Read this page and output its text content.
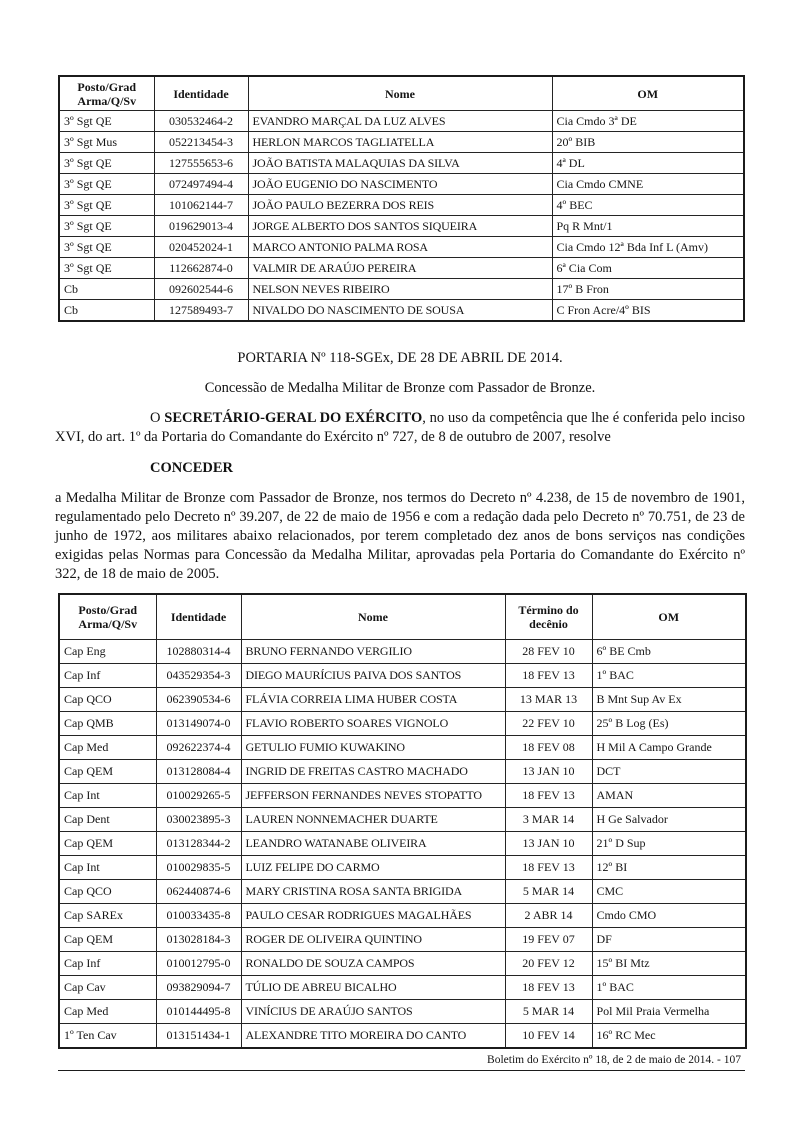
Posto/Grad
Arma/Q/Sv	Identidade	Nome	OM
3º Sgt QE	030532464-2	EVANDRO MARÇAL DA LUZ ALVES	Cia Cmdo 3ª DE
3º Sgt Mus	052213454-3	HERLON MARCOS TAGLIATELLA	20º BIB
3º Sgt QE	127555653-6	JOÃO BATISTA MALAQUIAS DA SILVA	4ª DL
3º Sgt QE	072497494-4	JOÃO EUGENIO DO NASCIMENTO	Cia Cmdo CMNE
3º Sgt QE	101062144-7	JOÃO PAULO BEZERRA DOS REIS	4º BEC
3º Sgt QE	019629013-4	JORGE ALBERTO DOS SANTOS SIQUEIRA	Pq R Mnt/1
3º Sgt QE	020452024-1	MARCO ANTONIO PALMA ROSA	Cia Cmdo 12ª Bda Inf L (Amv)
3º Sgt QE	112662874-0	VALMIR DE ARAÚJO PEREIRA	6ª Cia Com
Cb	092602544-6	NELSON NEVES RIBEIRO	17º B Fron
Cb	127589493-7	NIVALDO DO NASCIMENTO DE SOUSA	C Fron Acre/4º BIS

PORTARIA Nº 118-SGEx, DE 28 DE ABRIL DE 2014.

Concessão de Medalha Militar de Bronze com Passador de Bronze.

O SECRETÁRIO-GERAL DO EXÉRCITO, no uso da competência que lhe é conferida pelo inciso XVI, do art. 1º da Portaria do Comandante do Exército nº 727, de 8 de outubro de 2007, resolve

CONCEDER

a Medalha Militar de Bronze com Passador de Bronze, nos termos do Decreto nº 4.238, de 15 de novembro de 1901, regulamentado pelo Decreto nº 39.207, de 22 de maio de 1956 e com a redação dada pelo Decreto nº 70.751, de 23 de junho de 1972, aos militares abaixo relacionados, por terem completado dez anos de bons serviços nas condições exigidas pelas Normas para Concessão da Medalha Militar, aprovadas pela Portaria do Comandante do Exército nº 322, de 18 de maio de 2005.

Posto/Grad
Arma/Q/Sv	Identidade	Nome	Término do
decênio	OM
Cap Eng	102880314-4	BRUNO FERNANDO VERGILIO	28 FEV 10	6º BE Cmb
Cap Inf	043529354-3	DIEGO MAURÍCIUS PAIVA DOS SANTOS	18 FEV 13	1º BAC
Cap QCO	062390534-6	FLÁVIA CORREIA LIMA HUBER COSTA	13 MAR 13	B Mnt Sup Av Ex
Cap QMB	013149074-0	FLAVIO ROBERTO SOARES VIGNOLO	22 FEV 10	25º B Log (Es)
Cap Med	092622374-4	GETULIO FUMIO KUWAKINO	18 FEV 08	H Mil A Campo Grande
Cap QEM	013128084-4	INGRID DE FREITAS CASTRO MACHADO	13 JAN 10	DCT
Cap Int	010029265-5	JEFFERSON FERNANDES NEVES STOPATTO	18 FEV 13	AMAN
Cap Dent	030023895-3	LAUREN NONNEMACHER DUARTE	3 MAR 14	H Ge Salvador
Cap QEM	013128344-2	LEANDRO WATANABE OLIVEIRA	13 JAN 10	21º D Sup
Cap Int	010029835-5	LUIZ FELIPE DO CARMO	18 FEV 13	12º BI
Cap QCO	062440874-6	MARY CRISTINA ROSA SANTA BRIGIDA	5 MAR 14	CMC
Cap SAREx	010033435-8	PAULO CESAR RODRIGUES MAGALHÃES	2 ABR 14	Cmdo CMO
Cap QEM	013028184-3	ROGER DE OLIVEIRA QUINTINO	19 FEV 07	DF
Cap Inf	010012795-0	RONALDO DE SOUZA CAMPOS	20 FEV 12	15º BI Mtz
Cap Cav	093829094-7	TÚLIO DE ABREU BICALHO	18 FEV 13	1º BAC
Cap Med	010144495-8	VINÍCIUS DE ARAÚJO SANTOS	5 MAR 14	Pol Mil Praia Vermelha
1º Ten Cav	013151434-1	ALEXANDRE TITO MOREIRA DO CANTO	10 FEV 14	16º RC Mec
Boletim do Exército nº 18, de 2 de maio de 2014. - 107
